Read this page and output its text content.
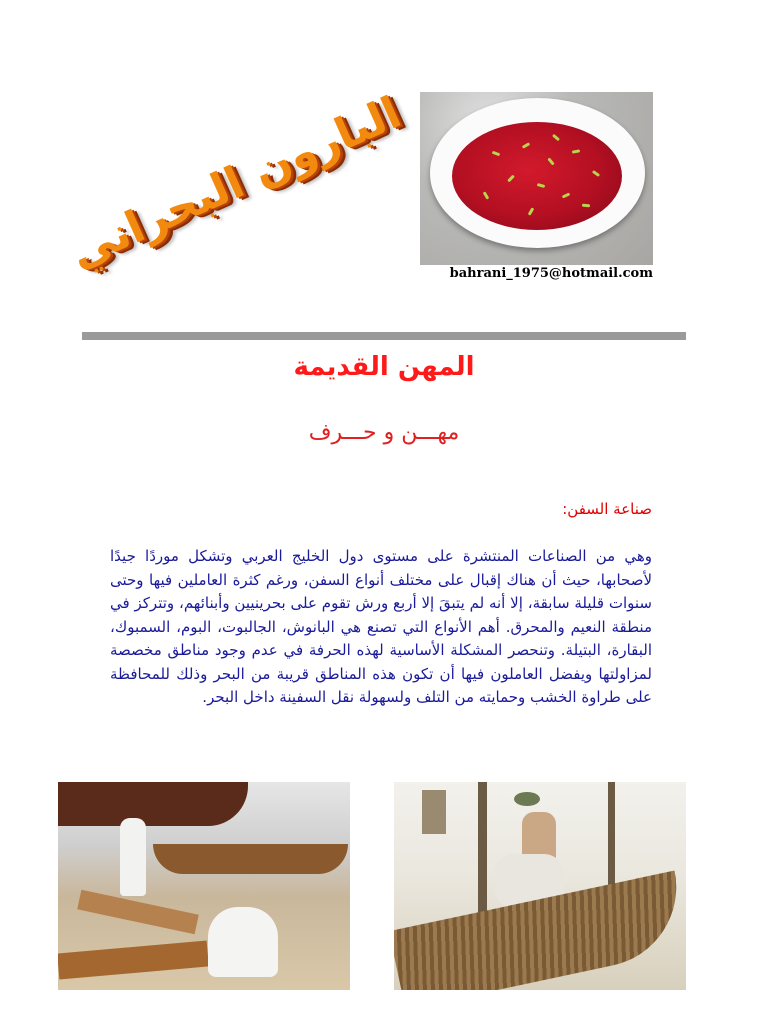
البارون البحراني	bahrani_1975@hotmail.com
المهن القديمة
مهـــن و حـــرف
صناعة السفن:
وهي من الصناعات المنتشرة على مستوى دول الخليج العربي وتشكل موردًا جيدًا لأصحابها، حيث أن هناك إقبال على مختلف أنواع السفن، ورغم كثرة العاملين فيها وحتى سنوات قليلة سابقة، إلا أنه لم يتبقَ إلا أربع ورش تقوم على بحرينيين وأبنائهم، وتتركز في منطقة النعيم والمحرق. أهم الأنواع التي تصنع هي البانوش، الجالبوت، البوم، السمبوك، البقارة، البتيلة. وتنحصر المشكلة الأساسية لهذه الحرفة في عدم وجود مناطق مخصصة لمزاولتها ويفضل العاملون فيها أن تكون هذه المناطق قريبة من البحر وذلك للمحافظة على طراوة الخشب وحمايته من التلف ولسهولة نقل السفينة داخل البحر.
